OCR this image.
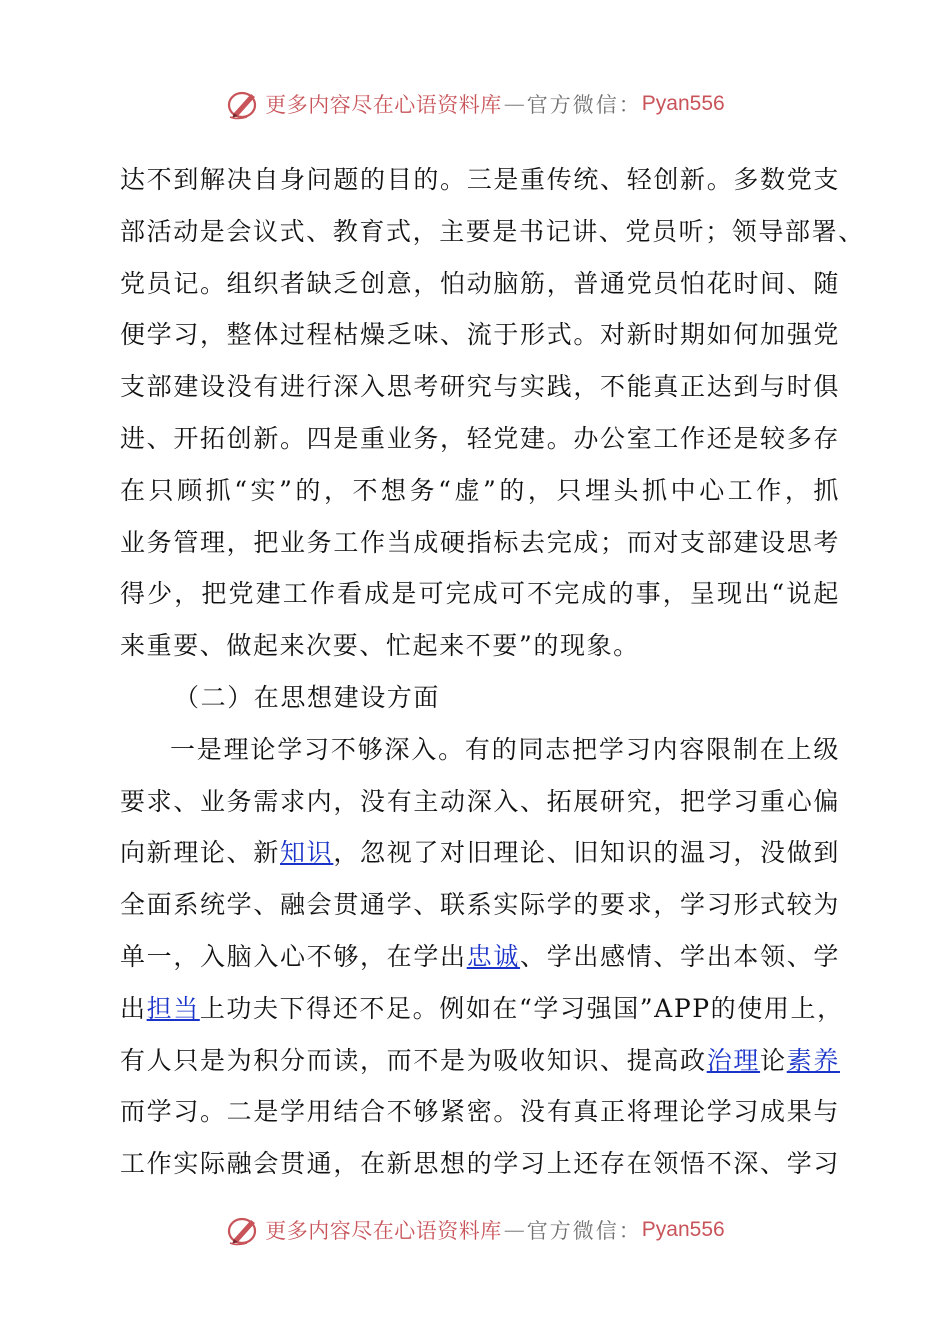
更多内容尽在心语资料库 — 官方微信： Pyan556
达不到解决自身问题的目的。三是重传统、轻创新。多数党支
部活动是会议式、教育式，主要是书记讲、党员听；领导部署、
党员记。组织者缺乏创意，怕动脑筋，普通党员怕花时间、随
便学习，整体过程枯燥乏味、流于形式。对新时期如何加强党
支部建设没有进行深入思考研究与实践，不能真正达到与时俱
进、开拓创新。四是重业务，轻党建。办公室工作还是较多存
在只顾抓“实”的，不想务“虚”的，只埋头抓中心工作，抓
业务管理，把业务工作当成硬指标去完成；而对支部建设思考
得少，把党建工作看成是可完成可不完成的事，呈现出“说起
来重要、做起来次要、忙起来不要”的现象。
（二）在思想建设方面
一是理论学习不够深入。有的同志把学习内容限制在上级
要求、业务需求内，没有主动深入、拓展研究，把学习重心偏
向新理论、新知识，忽视了对旧理论、旧知识的温习，没做到
全面系统学、融会贯通学、联系实际学的要求，学习形式较为
单一，入脑入心不够，在学出忠诚、学出感情、学出本领、学
出担当上功夫下得还不足。例如在“学习强国”APP的使用上，
有人只是为积分而读，而不是为吸收知识、提高政治理论素养
而学习。二是学用结合不够紧密。没有真正将理论学习成果与
工作实际融会贯通，在新思想的学习上还存在领悟不深、学习
更多内容尽在心语资料库 — 官方微信： Pyan556
